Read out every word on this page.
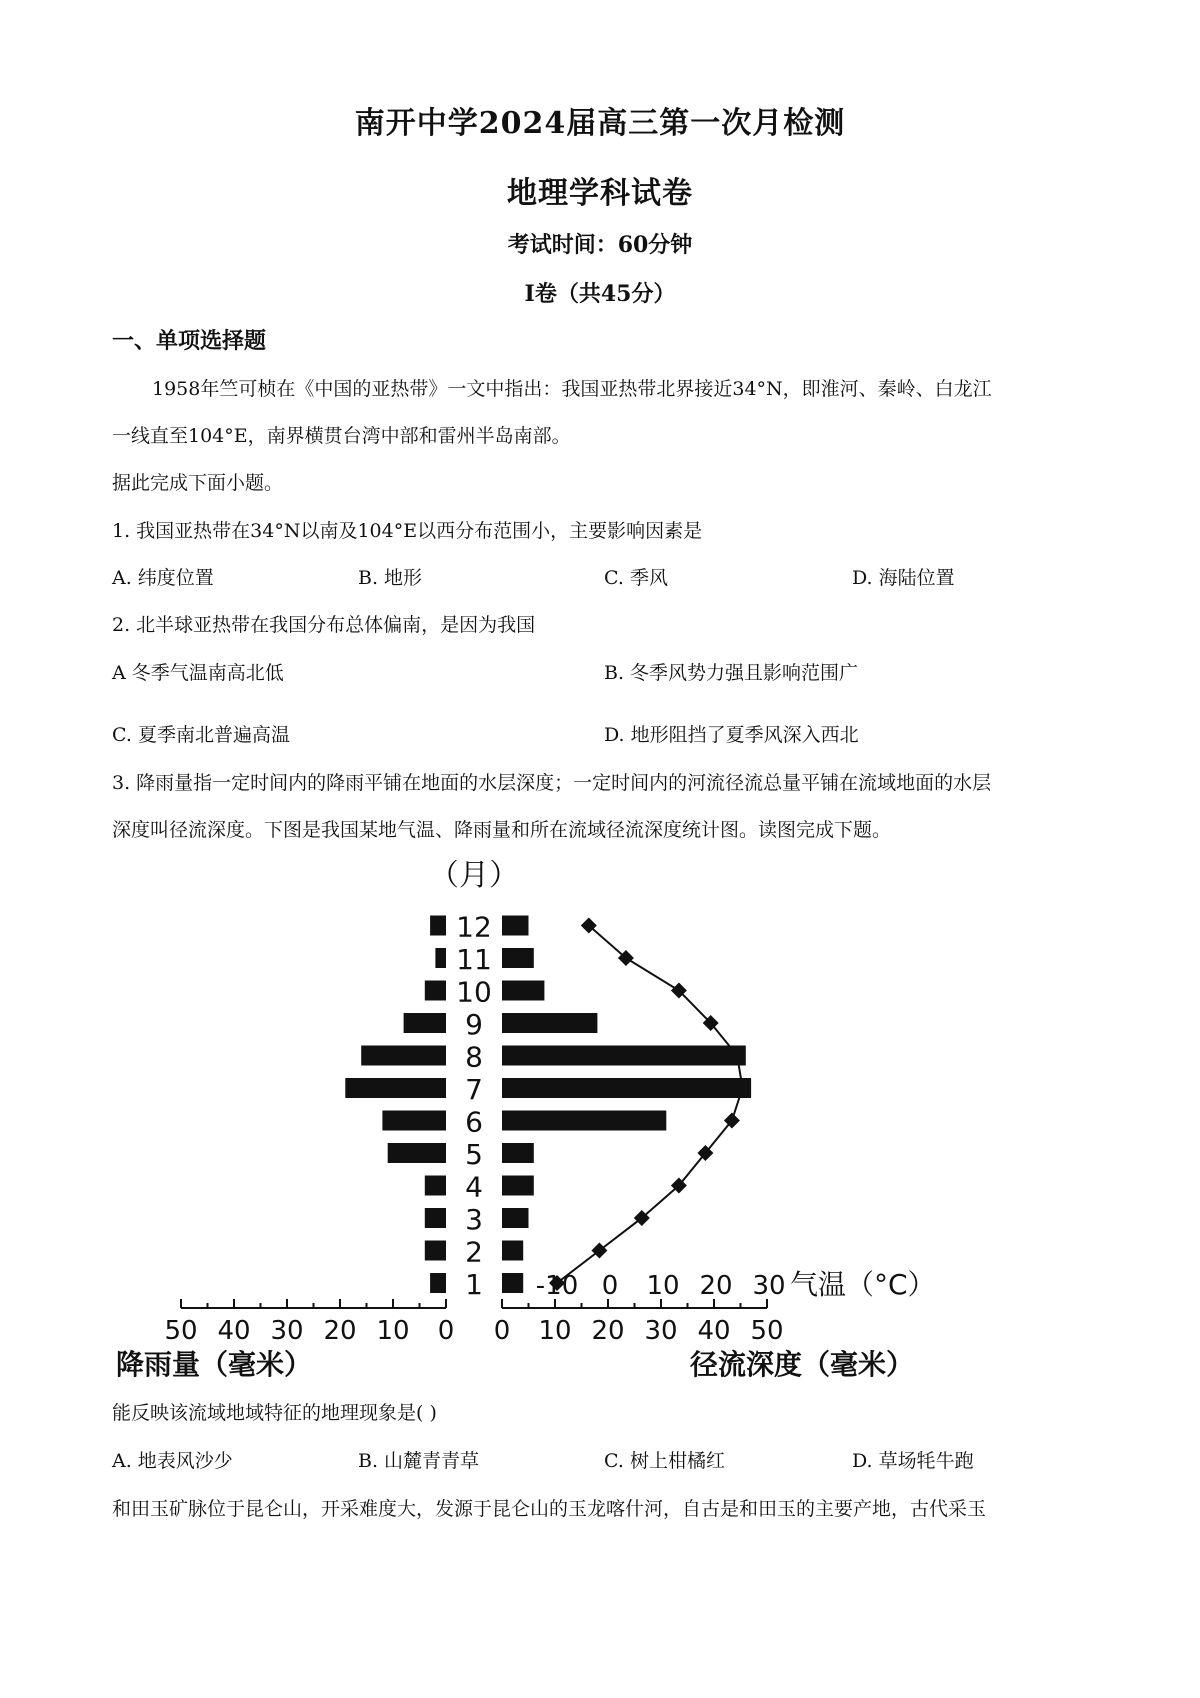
南开中学2024届高三第一次月检测
地理学科试卷
考试时间：60分钟
Ⅰ卷（共45分）
一、单项选择题
1958年竺可桢在《中国的亚热带》一文中指出：我国亚热带北界接近34°N，即淮河、秦岭、白龙江
一线直至104°E，南界横贯台湾中部和雷州半岛南部。
据此完成下面小题。
1. 我国亚热带在34°N以南及104°E以西分布范围小，主要影响因素是
A. 纬度位置	B. 地形	C. 季风	D. 海陆位置
2. 北半球亚热带在我国分布总体偏南，是因为我国
A 冬季气温南高北低	B. 冬季风势力强且影响范围广
C. 夏季南北普遍高温	D. 地形阻挡了夏季风深入西北
3. 降雨量指一定时间内的降雨平铺在地面的水层深度；一定时间内的河流径流总量平铺在流域地面的水层
深度叫径流深度。下图是我国某地气温、降雨量和所在流域径流深度统计图。读图完成下题。
（月）
1
2
3
4
5
6
7
8
9
10
11
12
-10 0 10 20 30 气温（°C）
50 40 30 20 10 0 0 10 20 30 40 50
降雨量（毫米）	径流深度（毫米）
能反映该流域地域特征的地理现象是( )
A. 地表风沙少	B. 山麓青青草	C. 树上柑橘红	D. 草场牦牛跑
和田玉矿脉位于昆仑山，开采难度大，发源于昆仑山的玉龙喀什河，自古是和田玉的主要产地，古代采玉
